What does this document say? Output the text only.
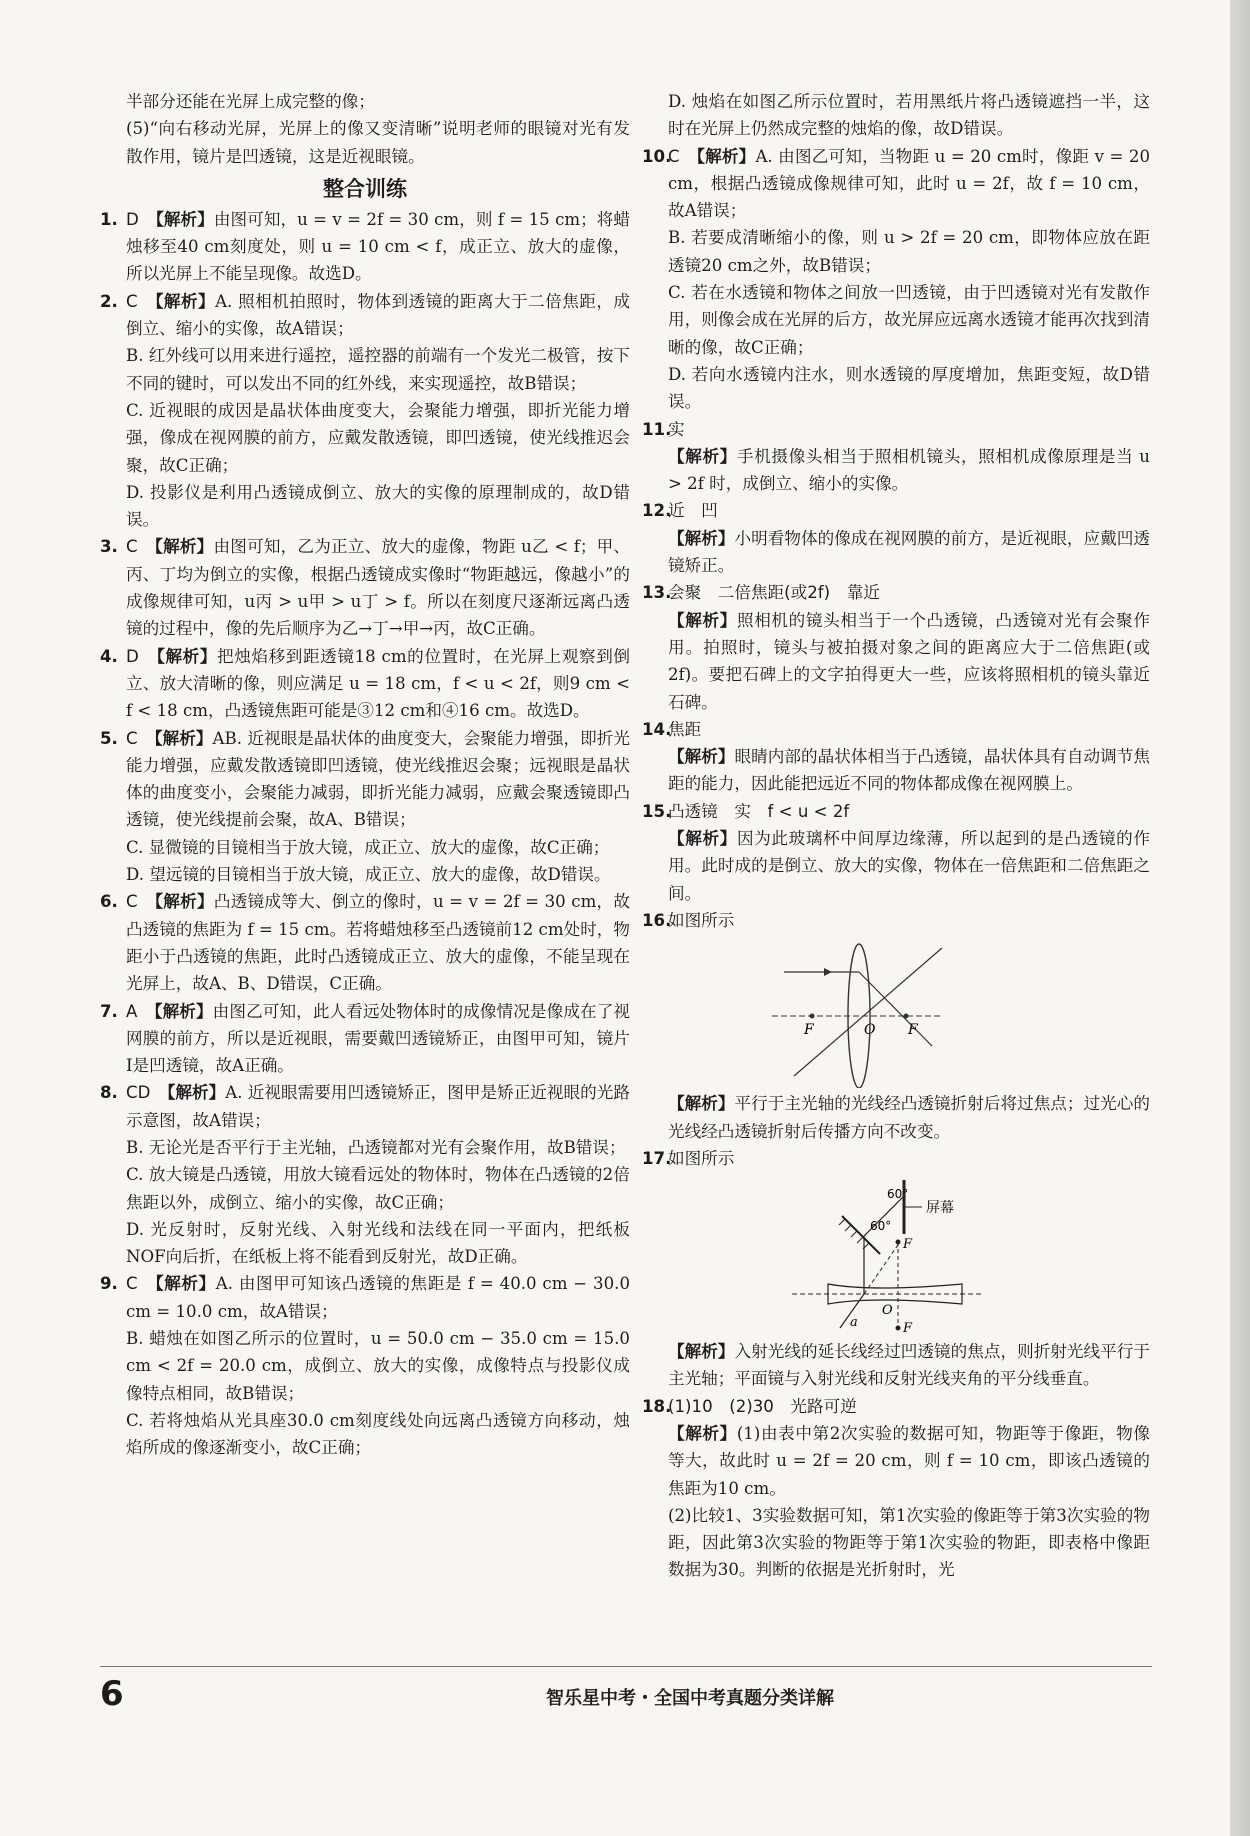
半部分还能在光屏上成完整的像；

(5)“向右移动光屏，光屏上的像又变清晰”说明老师的眼镜对光有发散作用，镜片是凹透镜，这是近视眼镜。

整合训练
1. D　 【解析】由图可知，u = v = 2f = 30 cm，则 f = 15 cm；将蜡烛移至40 cm刻度处，则 u = 10 cm < f，成正立、放大的虚像，所以光屏上不能呈现像。故选D。
2. C　 【解析】A. 照相机拍照时，物体到透镜的距离大于二倍焦距，成倒立、缩小的实像，故A错误；

B. 红外线可以用来进行遥控，遥控器的前端有一个发光二极管，按下不同的键时，可以发出不同的红外线，来实现遥控，故B错误；

C. 近视眼的成因是晶状体曲度变大，会聚能力增强，即折光能力增强，像成在视网膜的前方，应戴发散透镜，即凹透镜，使光线推迟会聚，故C正确；

D. 投影仪是利用凸透镜成倒立、放大的实像的原理制成的，故D错误。

3. C　 【解析】由图可知，乙为正立、放大的虚像，物距 u乙 < f；甲、丙、丁均为倒立的实像，根据凸透镜成实像时“物距越远，像越小”的成像规律可知，u丙 > u甲 > u丁 > f。所以在刻度尺逐渐远离凸透镜的过程中，像的先后顺序为乙→丁→甲→丙，故C正确。
4. D　 【解析】把烛焰移到距透镜18 cm的位置时，在光屏上观察到倒立、放大清晰的像，则应满足 u = 18 cm，f < u < 2f，则9 cm < f < 18 cm，凸透镜焦距可能是③12 cm和④16 cm。故选D。
5. C　 【解析】AB. 近视眼是晶状体的曲度变大，会聚能力增强，即折光能力增强，应戴发散透镜即凹透镜，使光线推迟会聚；远视眼是晶状体的曲度变小，会聚能力减弱，即折光能力减弱，应戴会聚透镜即凸透镜，使光线提前会聚，故A、B错误；

C. 显微镜的目镜相当于放大镜，成正立、放大的虚像，故C正确；

D. 望远镜的目镜相当于放大镜，成正立、放大的虚像，故D错误。

6. C　 【解析】凸透镜成等大、倒立的像时，u = v = 2f = 30 cm，故凸透镜的焦距为 f = 15 cm。若将蜡烛移至凸透镜前12 cm处时，物距小于凸透镜的焦距，此时凸透镜成正立、放大的虚像，不能呈现在光屏上，故A、B、D错误，C正确。
7. A　 【解析】由图乙可知，此人看远处物体时的成像情况是像成在了视网膜的前方，所以是近视眼，需要戴凹透镜矫正，由图甲可知，镜片Ⅰ是凹透镜，故A正确。
8. CD　 【解析】A. 近视眼需要用凹透镜矫正，图甲是矫正近视眼的光路示意图，故A错误；

B. 无论光是否平行于主光轴，凸透镜都对光有会聚作用，故B错误；

C. 放大镜是凸透镜，用放大镜看远处的物体时，物体在凸透镜的2倍焦距以外，成倒立、缩小的实像，故C正确；

D. 光反射时，反射光线、入射光线和法线在同一平面内，把纸板NOF向后折，在纸板上将不能看到反射光，故D正确。

9. C　 【解析】A. 由图甲可知该凸透镜的焦距是 f = 40.0 cm − 30.0 cm = 10.0 cm，故A错误；

B. 蜡烛在如图乙所示的位置时，u = 50.0 cm − 35.0 cm = 15.0 cm < 2f = 20.0 cm，成倒立、放大的实像，成像特点与投影仪成像特点相同，故B错误；

C. 若将烛焰从光具座30.0 cm刻度线处向远离凸透镜方向移动，烛焰所成的像逐渐变小，故C正确；

D. 烛焰在如图乙所示位置时，若用黑纸片将凸透镜遮挡一半，这时在光屏上仍然成完整的烛焰的像，故D错误。

10.
C　 【解析】A. 由图乙可知，当物距 u = 20 cm时，像距 v = 20 cm，根据凸透镜成像规律可知，此时 u = 2f，故 f = 10 cm，故A错误；

B. 若要成清晰缩小的像，则 u > 2f = 20 cm，即物体应放在距透镜20 cm之外，故B错误；

C. 若在水透镜和物体之间放一凹透镜，由于凹透镜对光有发散作用，则像会成在光屏的后方，故光屏应远离水透镜才能再次找到清晰的像，故C正确；

D. 若向水透镜内注水，则水透镜的厚度增加，焦距变短，故D错误。

11.
实

【解析】手机摄像头相当于照相机镜头，照相机成像原理是当 u > 2f 时，成倒立、缩小的实像。

12.
近　凹

【解析】小明看物体的像成在视网膜的前方，是近视眼，应戴凹透镜矫正。

13.
会聚　二倍焦距(或2f)　靠近

【解析】照相机的镜头相当于一个凸透镜，凸透镜对光有会聚作用。拍照时，镜头与被拍摄对象之间的距离应大于二倍焦距(或2f)。要把石碑上的文字拍得更大一些，应该将照相机的镜头靠近石碑。

14.
焦距

【解析】眼睛内部的晶状体相当于凸透镜，晶状体具有自动调节焦距的能力，因此能把远近不同的物体都成像在视网膜上。

15.
凸透镜　实　f < u < 2f

【解析】因为此玻璃杯中间厚边缘薄，所以起到的是凸透镜的作用。此时成的是倒立、放大的实像，物体在一倍焦距和二倍焦距之间。

16.
如图所示
F	O F

【解析】平行于主光轴的光线经凸透镜折射后将过焦点；过光心的光线经凸透镜折射后传播方向不改变。

17.
如图所示
屏幕
60°
60°
F
O
F
a

【解析】入射光线的延长线经过凹透镜的焦点，则折射光线平行于主光轴；平面镜与入射光线和反射光线夹角的平分线垂直。

18.
(1)10　(2)30　光路可逆

【解析】(1)由表中第2次实验的数据可知，物距等于像距，物像等大，故此时 u = 2f = 20 cm，则 f = 10 cm，即该凸透镜的焦距为10 cm。

(2)比较1、3实验数据可知，第1次实验的像距等于第3次实验的物距，因此第3次实验的物距等于第1次实验的物距，即表格中像距数据为30。判断的依据是光折射时，光

6	智乐星中考・全国中考真题分类详解
